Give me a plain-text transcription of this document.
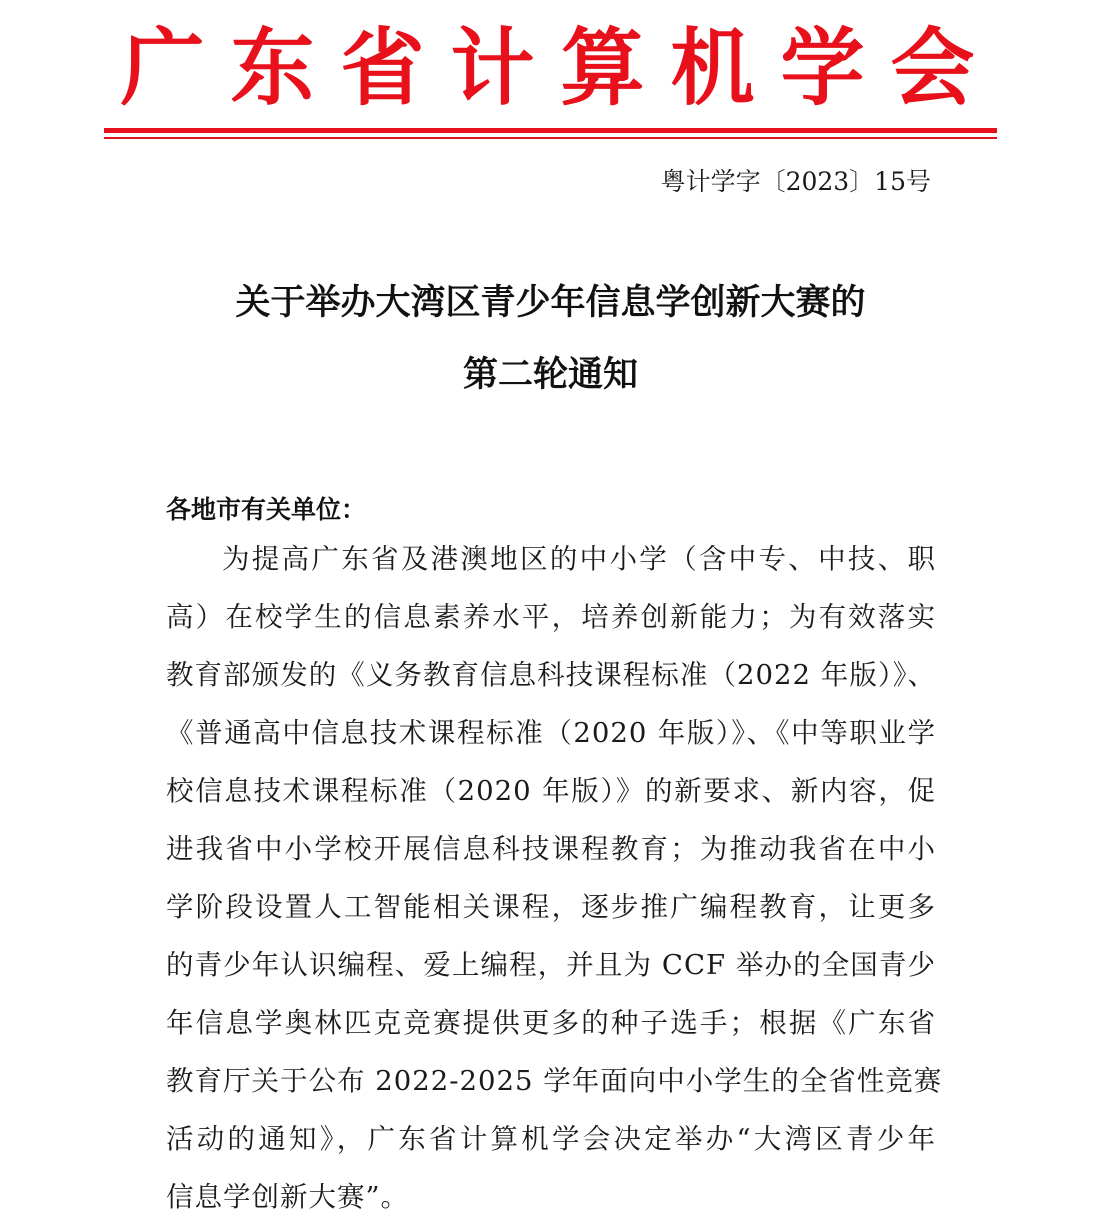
广东省计算机学会
粤计学字〔2023〕15号
关于举办大湾区青少年信息学创新大赛的
第二轮通知
各地市有关单位：
为提高广东省及港澳地区的中小学（含中专、中技、职
高）在校学生的信息素养水平，培养创新能力；为有效落实
教育部颁发的《义务教育信息科技课程标准（2022 年版）》、
《普通高中信息技术课程标准（2020 年版）》、《中等职业学
校信息技术课程标准（2020 年版）》的新要求、新内容，促
进我省中小学校开展信息科技课程教育；为推动我省在中小
学阶段设置人工智能相关课程，逐步推广编程教育，让更多
的青少年认识编程、爱上编程，并且为 CCF 举办的全国青少
年信息学奥林匹克竞赛提供更多的种子选手；根据《广东省
教育厅关于公布 2022-2025 学年面向中小学生的全省性竞赛
活动的通知》，广东省计算机学会决定举办“大湾区青少年
信息学创新大赛”。
